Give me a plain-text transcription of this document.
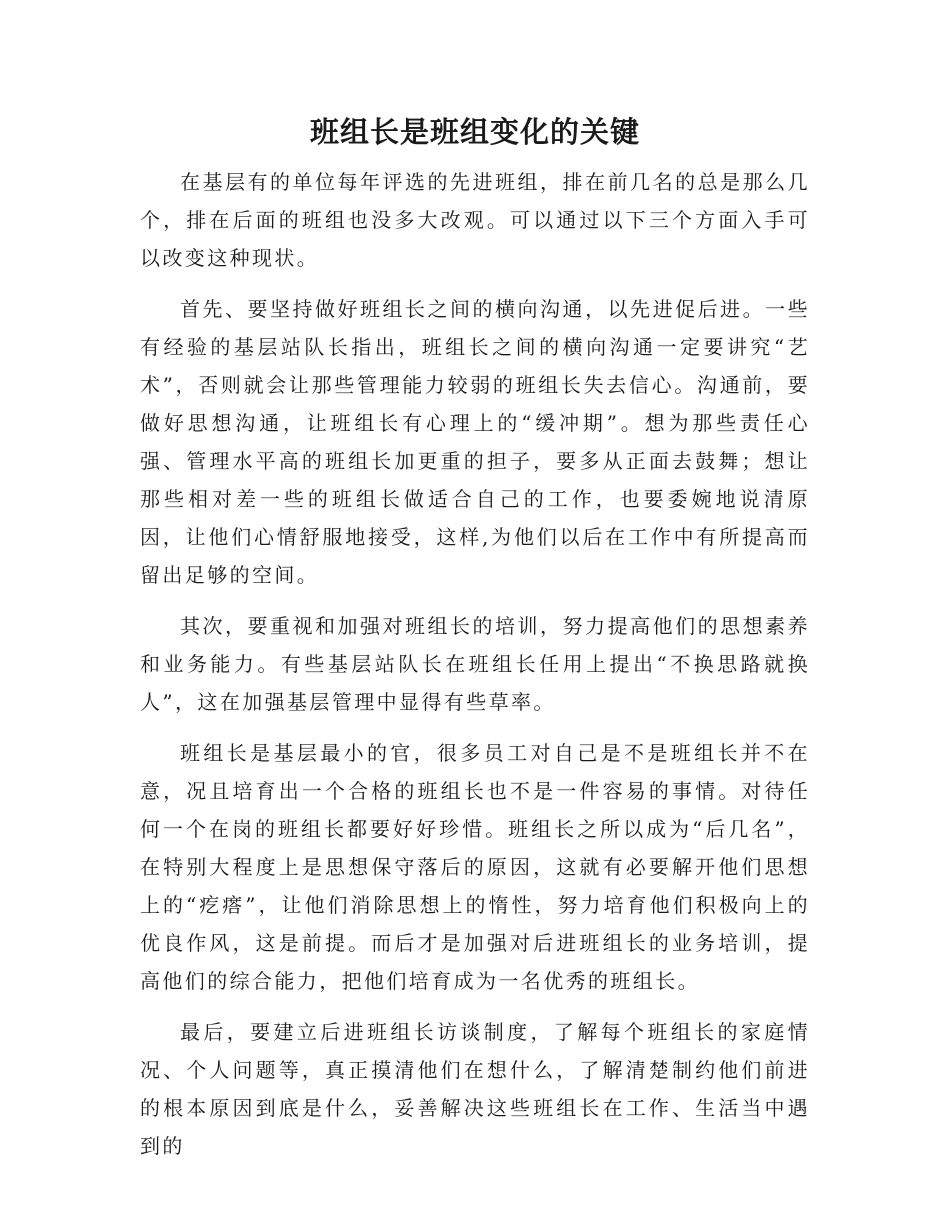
班组长是班组变化的关键

在基层有的单位每年评选的先进班组，排在前几名的总是那么几个，排在后面的班组也没多大改观。可以通过以下三个方面入手可以改变这种现状。

首先、要坚持做好班组长之间的横向沟通，以先进促后进。一些有经验的基层站队长指出，班组长之间的横向沟通一定要讲究“艺术”，否则就会让那些管理能力较弱的班组长失去信心。沟通前，要做好思想沟通，让班组长有心理上的“缓冲期”。想为那些责任心强、管理水平高的班组长加更重的担子，要多从正面去鼓舞；想让那些相对差一些的班组长做适合自己的工作，也要委婉地说清原因，让他们心情舒服地接受，这样,为他们以后在工作中有所提高而留出足够的空间。

其次，要重视和加强对班组长的培训，努力提高他们的思想素养和业务能力。有些基层站队长在班组长任用上提出“不换思路就换人”，这在加强基层管理中显得有些草率。

班组长是基层最小的官，很多员工对自己是不是班组长并不在意，况且培育出一个合格的班组长也不是一件容易的事情。对待任何一个在岗的班组长都要好好珍惜。班组长之所以成为“后几名”，在特别大程度上是思想保守落后的原因，这就有必要解开他们思想上的“疙瘩”，让他们消除思想上的惰性，努力培育他们积极向上的优良作风，这是前提。而后才是加强对后进班组长的业务培训，提高他们的综合能力，把他们培育成为一名优秀的班组长。

最后，要建立后进班组长访谈制度，了解每个班组长的家庭情况、个人问题等，真正摸清他们在想什么，了解清楚制约他们前进的根本原因到底是什么，妥善解决这些班组长在工作、生活当中遇到的
